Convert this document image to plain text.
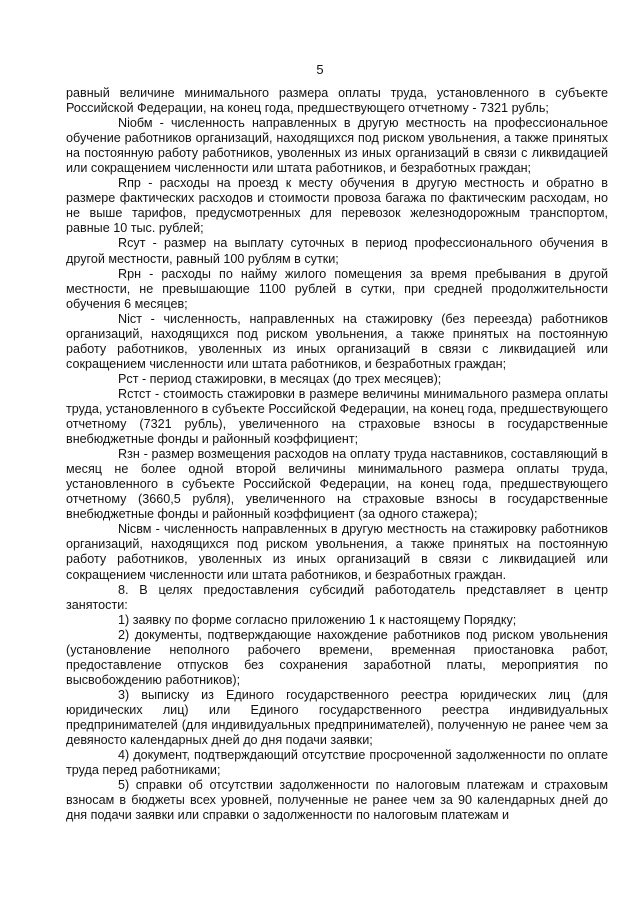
5

равный величине минимального размера оплаты труда, установленного в субъекте Российской Федерации, на конец года, предшествующего отчетному - 7321 рубль;

Niобм - численность направленных в другую местность на профессиональное обучение работников организаций, находящихся под риском увольнения, а также принятых на постоянную работу работников, уволенных из иных организаций в связи с ликвидацией или сокращением численности или штата работников, и безработных граждан;

Rпр - расходы на проезд к месту обучения в другую местность и обратно в размере фактических расходов и стоимости провоза багажа по фактическим расходам, но не выше тарифов, предусмотренных для перевозок железнодорожным транспортом, равные 10 тыс. рублей;

Rсут - размер на выплату суточных в период профессионального обучения в другой местности, равный 100 рублям в сутки;

Rрн - расходы по найму жилого помещения за время пребывания в другой местности, не превышающие 1100 рублей в сутки, при средней продолжительности обучения 6 месяцев;

Niст - численность, направленных на стажировку (без переезда) работников организаций, находящихся под риском увольнения, а также принятых на постоянную работу работников, уволенных из иных организаций в связи с ликвидацией или сокращением численности или штата работников, и безработных граждан;

Рст - период стажировки, в месяцах (до трех месяцев);

Rстст - стоимость стажировки в размере величины минимального размера оплаты труда, установленного в субъекте Российской Федерации, на конец года, предшествующего отчетному (7321 рубль), увеличенного на страховые взносы в государственные внебюджетные фонды и районный коэффициент;

Rзн - размер возмещения расходов на оплату труда наставников, составляющий в месяц не более одной второй величины минимального размера оплаты труда, установленного в субъекте Российской Федерации, на конец года, предшествующего отчетному (3660,5 рубля), увеличенного на страховые взносы в государственные внебюджетные фонды и районный коэффициент (за одного стажера);

Niсвм - численность направленных в другую местность на стажировку работников организаций, находящихся под риском увольнения, а также принятых на постоянную работу работников, уволенных из иных организаций в связи с ликвидацией или сокращением численности или штата работников, и безработных граждан.

8. В целях предоставления субсидий работодатель представляет в центр занятости:

1) заявку по форме согласно приложению 1 к настоящему Порядку;

2) документы, подтверждающие нахождение работников под риском увольнения (установление неполного рабочего времени, временная приостановка работ, предоставление отпусков без сохранения заработной платы, мероприятия по высвобождению работников);

3) выписку из Единого государственного реестра юридических лиц (для юридических лиц) или Единого государственного реестра индивидуальных предпринимателей (для индивидуальных предпринимателей), полученную не ранее чем за девяносто календарных дней до дня подачи заявки;

4) документ, подтверждающий отсутствие просроченной задолженности по оплате труда перед работниками;

5) справки об отсутствии задолженности по налоговым платежам и страховым взносам в бюджеты всех уровней, полученные не ранее чем за 90 календарных дней до дня подачи заявки или справки о задолженности по налоговым платежам и
